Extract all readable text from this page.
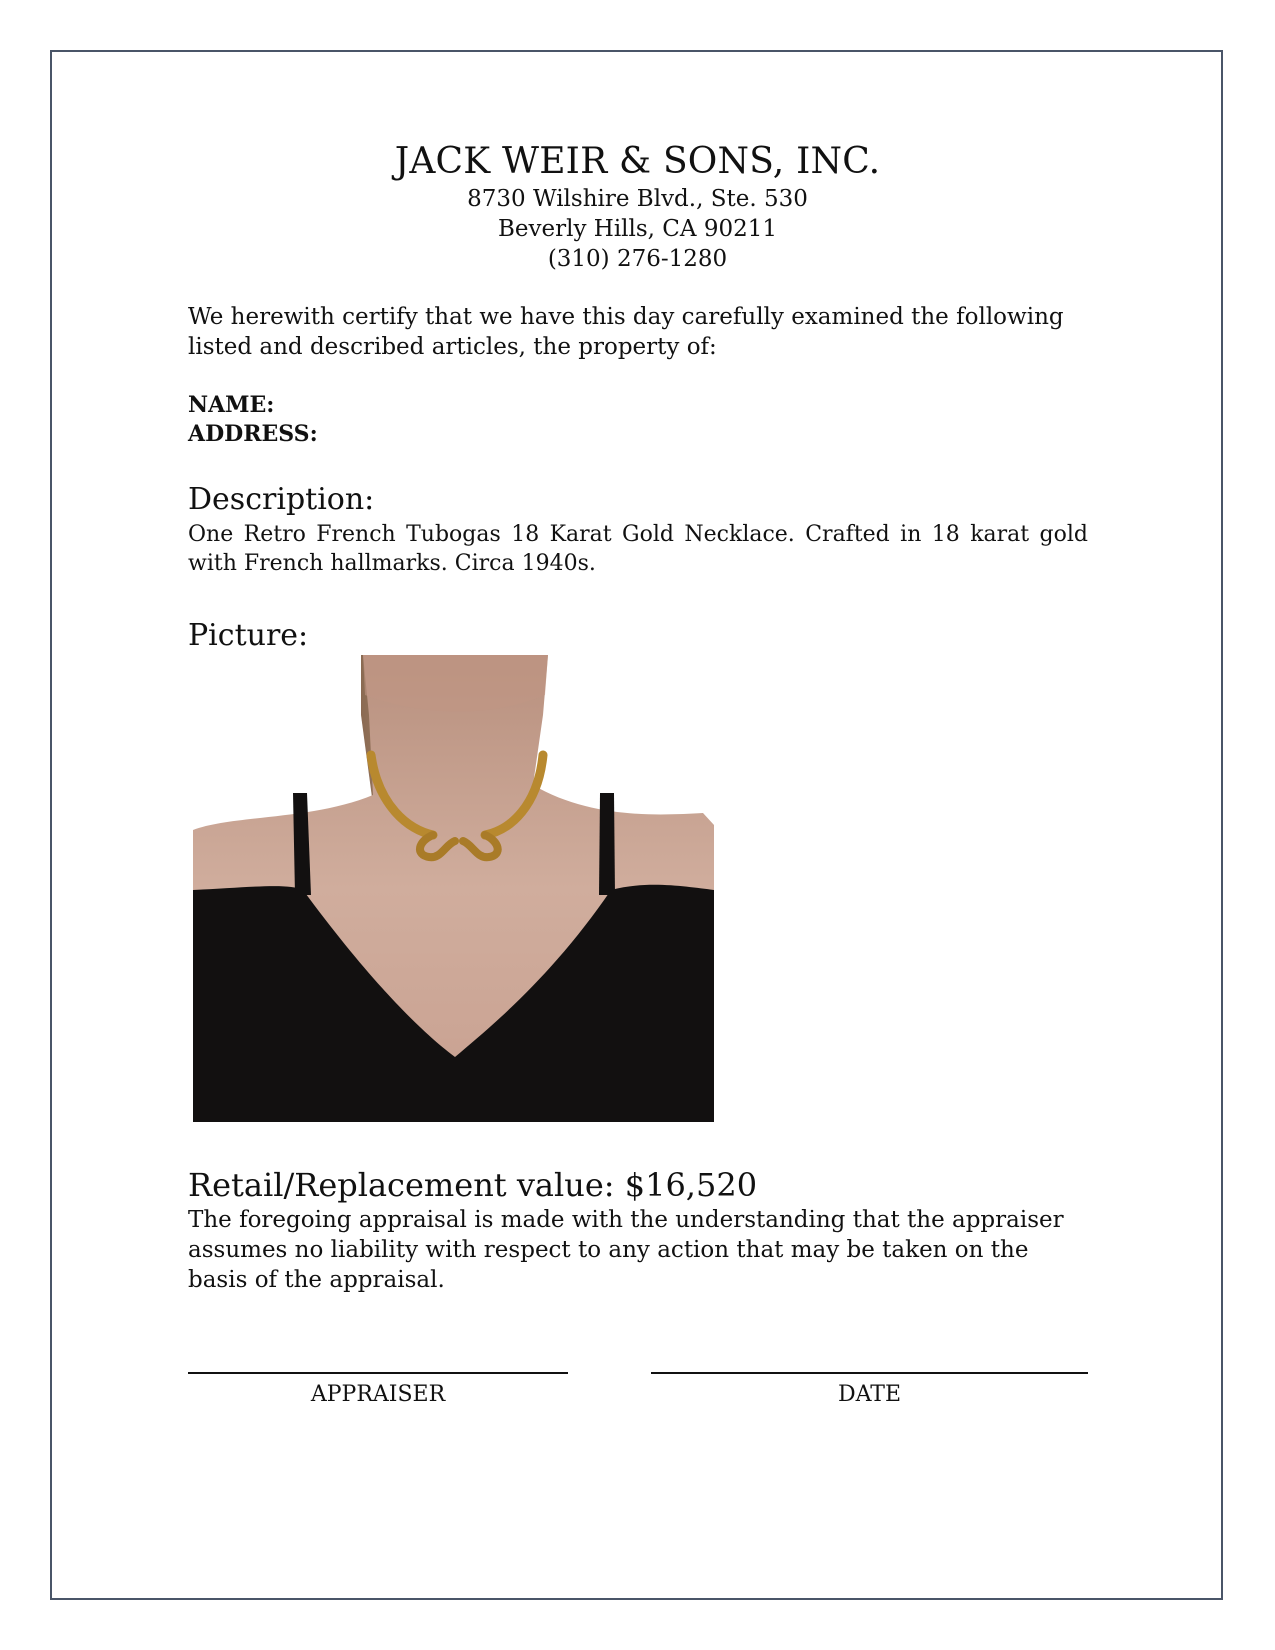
JACK WEIR & SONS, INC.
8730 Wilshire Blvd., Ste. 530
Beverly Hills, CA 90211
(310) 276-1280
We herewith certify that we have this day carefully examined the following listed and described articles, the property of:
NAME:
ADDRESS:
Description:
One Retro French Tubogas 18 Karat Gold Necklace. Crafted in 18 karat gold with French hallmarks. Circa 1940s.
Picture:
Retail/Replacement value: $16,520
The foregoing appraisal is made with the understanding that the appraiser assumes no liability with respect to any action that may be taken on the basis of the appraisal.
APPRAISER	DATE
